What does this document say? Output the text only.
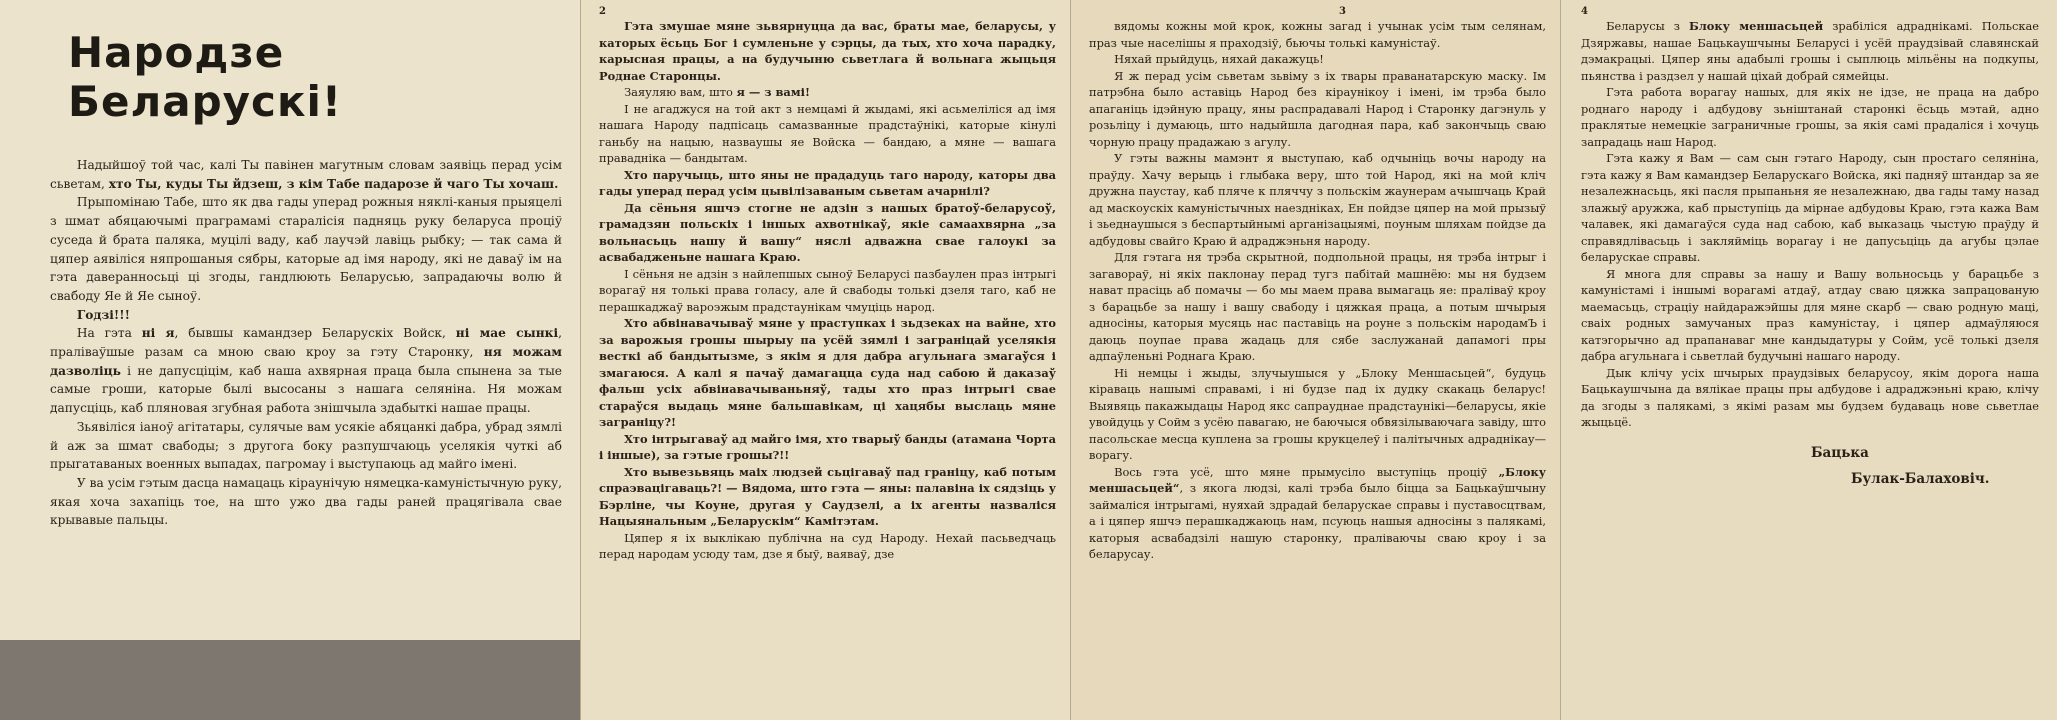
Народзе Беларускі!

Надыйшоў той час, калі Ты павінен магутным словам заявіць перад усім сьветам, хто Ты, куды Ты йдзеш, з кім Табе падарозе й чаго Ты хочаш.

Прыпомінаю Табе, што як два гады уперад рожныя няклі-каныя прыяцелі з шмат абяцаючымі праграмамі старалісія падняць руку беларуса проціў суседа й брата паляка, муцілі ваду, каб лаучэй лавіць рыбку; — так сама й цяпер аявіліся няпрошаныя сябры, каторые ад імя народу, які не даваў ім на гэта даверанносьці ці згоды, гандлюють Беларусью, запрадаючы волю й свабоду Яе й Яе сыноў.

Годзі!!!

На гэта ні я, бывшы камандзер Беларускіх Войск, ні мае сынкі, праліваўшые разам са мною сваю кроу за гэту Старонку, ня можам дазволіць і не дапусціцім, каб наша ахвярная праца была спынена за тые самые гроши, каторые былі высосаны з нашага селяніна. Ня можам дапусціць, каб пляновая згубная работа знішчыла здабыткі нашае працы.

Зьявіліся іаноў агітатары, сулячые вам усякіе абяцанкі дабра, убрад зямлі й аж за шмат свабоды; з другога боку разпушчаюць уселякія чуткі аб прыгатаваных военных выпадах, пагромау і выступаюць ад майго імені.

У ва усім гэтым дасца намацаць кіраунічую нямецка-камуністычную руку, якая хоча захапіць тое, на што ужо два гады раней працягівала свае крывавые пальцы.

2

Гэта змушае мяне зьвярнуцца да вас, браты мае, беларусы, у каторых ёсьць Бог і сумленьне у сэрцы, да тых, хто хоча парадку, карысная працы, а на будучыню сьветлага й вольнага жыцьця Роднае Старонцы.

Заяуляю вам, што я — з вамі!

І не агаджуся на той акт з немцамі й жыдамі, які асьмеліліся ад імя нашага Народу падпісаць самазванные прадстаўнікі, каторые кінулі ганьбу на нацыю, назваушы яе Войска — бандаю, а мяне — вашага праваднікa — бандытам.

Хто паручыць, што яны не прададуць таго народу, каторы два гады уперад перад усім цывілізаваным сьветам ачарнілі?

Да сёньня яшчэ стогне не адзін з нашых братоў-беларусоў, грамадзян польскіх і іншых ахвотнікаў, якіе самаахвярна „за вольнасьць нашу й вашу“ няслі адважна свае галоукі за асвабадженьне нашага Краю.

І сёньня не адзін з найлепшых сыноў Беларусі пазбаулен праз інтрыгі ворагаў ня толькі права голасу, але й свабоды толькі дзеля таго, каб не перашкаджаў вароэжым прадстаунікам чмуціць народ.

Хто абвінавачываў мяне у праступках і зьдзеках на вайне, хто за варожыя грошы шырыу па усёй зямлі і заграніцай уселякія весткі аб бандытызме, з якім я для дабра агульнага змагаўся і змагаюся. А калі я пачаў дамагацца суда над сабою й даказаў фальш усіх абвінавачываньняў, тады хто праз інтрыгі свае стараўся выдаць мяне бальшавікам, ці хацябы выслаць мяне заграніцу?!

Хто інтрыгаваў ад майго імя, хто тварыў банды (атамана Чорта і іншые), за гэтые грошы?!!

Хто вывезьвяць маіх людзей сьцігаваў пад граніцу, каб потым спраэвацігаваць?! — Вядома, што гэта — яны: палавіна іх сядзіць у Бэрліне, чы Коуне, другая у Саудзелі, а іх агенты назваліся Нацыянальным „Беларускім“ Камітэтам.

Цяпер я іх выклікаю публічна на суд Народу. Нехай пасьведчаць перад народам усюду там, дзе я быў, ваяваў, дзе

3

вядомы кожны мой крок, кожны загад і учынак усім тым селянам, праз чые населішы я праходзіў, бьючы толькі камуністаў.

Няхай прыйдуць, няхай дакажуць!

Я ж перад усім сьветам зьвіму з іх твары праванатарскую маску. Ім патрэбна было аставіць Народ без кіраунікоу і імені, ім трэба было апаганіць ідэйную працу, яны распрадавалі Народ і Старонку дагэнуль у розьліцу і думаюць, што надыйшла дагодная пара, каб закончыць сваю чорную працу прадажаю з агулу.

У гэты важны мамэнт я выступаю, каб одчыніць вочы народу на праўду. Хачу верыць і глыбака веру, што той Народ, які на мой кліч дружна паустау, каб пляче к пляччу з польскім жаунерам ачышчаць Край ад маскоускіх камуністычных наездніках, Ен пойдзе цяпер на мой прызыў і зьеднаушыся з беспартыйнымі арганізацыямі, поуным шляхам пойдзе да адбудовы свайго Краю й адраджэньня народу.

Для гэтага ня трэба скрытной, подпольной працы, ня трэба інтрыг і загавораў, ні якіх паклонау перад тугз пабітай машнёю: мы ня будзем нават прасіць аб помачы — бо мы маем права вымагаць яе: праліваў кроу з барацьбе за нашу і вашу свабоду і цяжкая праца, а потым шчырыя адносіны, каторыя мусяць нас паставіць на роуне з польскім народамЪ і даюць поупае права жадаць для сябе заслужанай дапамогі пры адпаўленьні Роднага Краю.

Ні немцы і жыды, злучыушыся у „Блоку Меншасьцей“, будуць кіраваць нашымі справамі, і ні будзе пад іх дудку скакаць беларус! Выявяць пакажыдацы Народ якс сапрауднае прадстаунікі—беларусы, якіе увойдуць у Сойм з усёю павагаю, не баючыся обвязілываючага завіду, што пасольскае месца куплена за грошы крукцелеў і палітычных адраднікау—ворагу.

Вось гэта усё, што мяне прымусіло выступіць проціў „Блоку меншасьцей“, з якога людзі, калі трэба было біцца за Бацькаўшчыну займаліся інтрыгамі, нуяхай здрадай беларускае справы і пуставосцтвам, а і цяпер яшчэ перашкаджаюць нам, псуюць нашыя адносіны з палякамі, каторыя асвабадзілі нашую старонку, праліваючы сваю кроу і за беларусау.

4

Беларусы з Блоку меншасьцей зрабіліся адраднікамі. Польскае Дзяржавы, нашае Бацькаушчыны Беларусі і усёй праудзівай славянскай дэмакрацыі. Цяпер яны адабылі грошы і сыплюць мільёны на подкупы, пьянства і раздзел у нашай ціхай добрай сямейцы.

Гэта работа ворагау нашых, для якіх не ідзе, не праца на дабро роднаго народу і адбудову зьніштанай старонкі ёсьць мэтай, адно праклятые немецкіе заграничные грошы, за якія самі прадаліся і хочуць запрадаць наш Народ.

Гэта кажу я Вам — сам сын гэтаго Народу, сын простаго селяніна, гэта кажу я Вам камандзер Беларускаго Войска, які падняў штандар за яе незалежнасьць, які пасля прыпаньня яе незалежнаю, два гады таму назад злажыў аружжа, каб прыступіць да мірнае адбудовы Краю, гэта кажа Вам чалавек, які дамагаўся суда над сабою, каб выказаць чыстую праўду й справядлівасьць і закляйміць ворагау і не дапусьціць да агубы цэлае беларускае справы.

Я многа для справы за нашу и Вашу вольносьць у барацьбе з камуністамі і іншымі ворагамі атдаў, атдау сваю цяжка запрацованую маемасьць, страціу найдаражэйшы для мяне скарб — сваю родную маці, сваіх родных замучаных праз камуністау, і цяпер адмаўляюся катэгорычно ад прапанаваг мне кандыдатуры у Сойм, усё толькі дзеля дабра агульнага і сьветлай будучыні нашаго народу.

Дык клічу усіх шчырых праудзівых беларусоу, якім дорога наша Бацькаушчына да вялікае працы пры адбудове і адраджэньні краю, клічу да згоды з палякамі, з якімі разам мы будзем будаваць нове сьветлае жыцьцё.

Бацька
Булак-Балаховіч.
